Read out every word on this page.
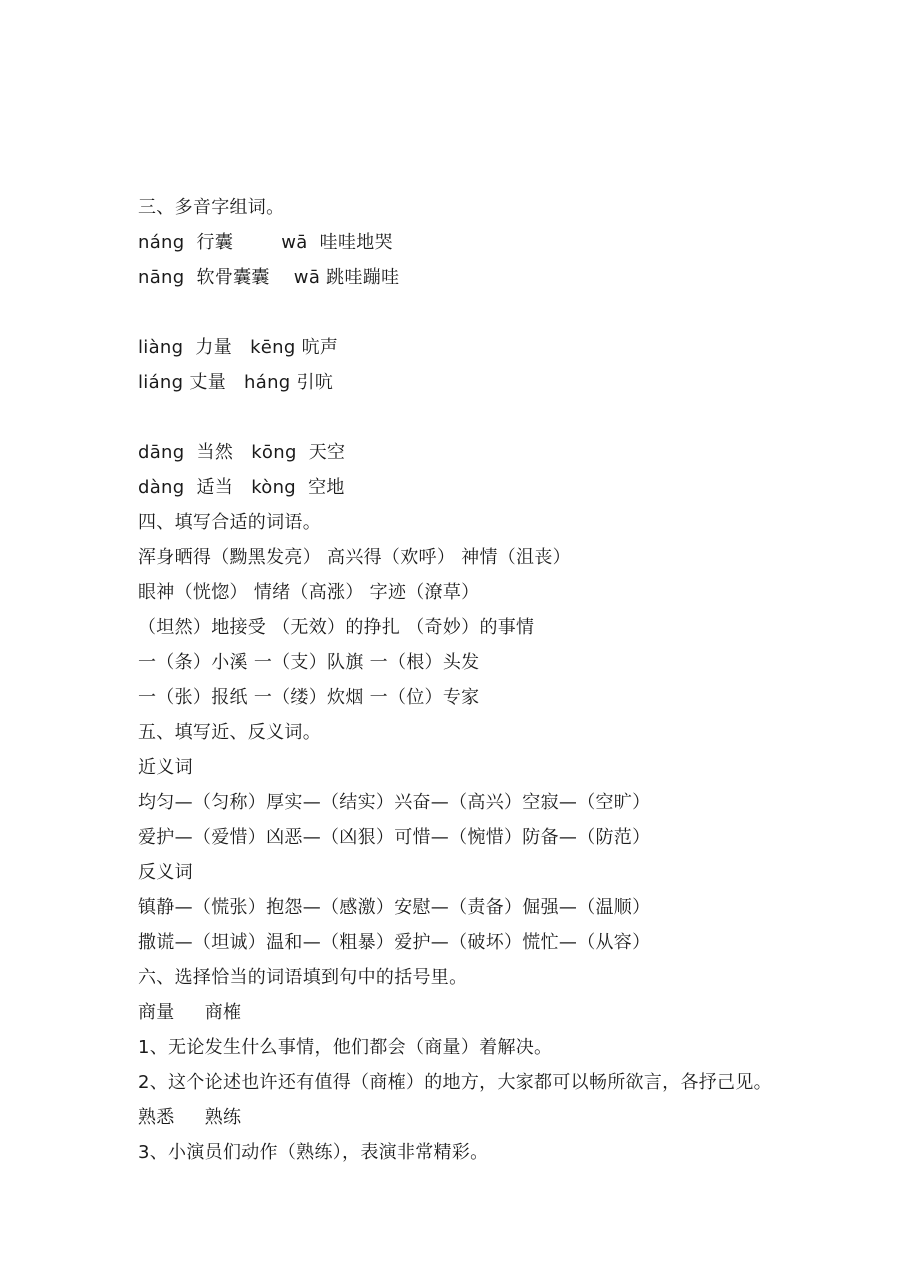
三、多音字组词。
náng  行囊        wā  哇哇地哭
nāng  软骨囊囊    wā 跳哇蹦哇
liàng  力量   kēng 吭声
liáng 丈量   háng 引吭
dāng  当然   kōng  天空
dàng  适当   kòng  空地
四、填写合适的词语。
浑身晒得（黝黑发亮） 高兴得（欢呼） 神情（沮丧）
眼神（恍惚） 情绪（高涨） 字迹（潦草）
（坦然）地接受 （无效）的挣扎 （奇妙）的事情
一（条）小溪 一（支）队旗 一（根）头发
一（张）报纸 一（缕）炊烟 一（位）专家
五、填写近、反义词。
近义词
均匀—（匀称）厚实—（结实）兴奋—（高兴）空寂—（空旷）
爱护—（爱惜）凶恶—（凶狠）可惜—（惋惜）防备—（防范）
反义词
镇静—（慌张）抱怨—（感激）安慰—（责备）倔强—（温顺）
撒谎—（坦诚）温和—（粗暴）爱护—（破坏）慌忙—（从容）
六、选择恰当的词语填到句中的括号里。
商量     商榷
1、无论发生什么事情，他们都会（商量）着解决。
2、这个论述也许还有值得（商榷）的地方，大家都可以畅所欲言，各抒己见。
熟悉     熟练
3、小演员们动作（熟练），表演非常精彩。
